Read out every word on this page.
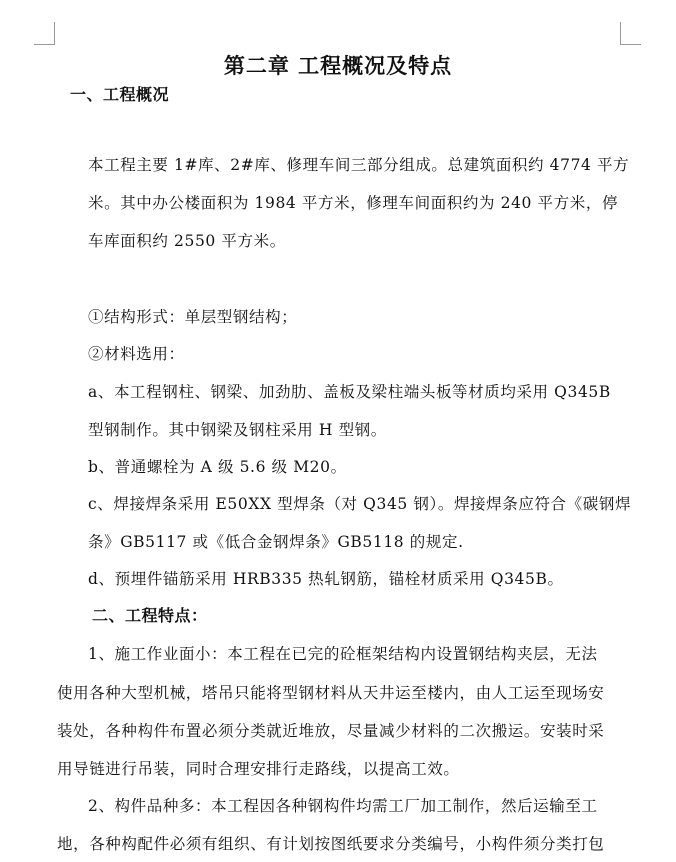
第二章 工程概况及特点
一、工程概况
本工程主要 1#库、2#库、修理车间三部分组成。总建筑面积约 4774 平方
米。其中办公楼面积为 1984 平方米，修理车间面积约为 240 平方米，停
车库面积约 2550 平方米。
①结构形式：单层型钢结构；
②材料选用：
a、本工程钢柱、钢梁、加劲肋、盖板及梁柱端头板等材质均采用 Q345B
型钢制作。其中钢梁及钢柱采用 H 型钢。
b、普通螺栓为 A 级 5.6 级 M20。
c、焊接焊条采用 E50XX 型焊条（对 Q345 钢）。焊接焊条应符合《碳钢焊
条》GB5117 或《低合金钢焊条》GB5118 的规定.
d、预埋件锚筋采用 HRB335 热轧钢筋，锚栓材质采用 Q345B。
二、工程特点：
1、施工作业面小：本工程在已完的砼框架结构内设置钢结构夹层，无法
使用各种大型机械，塔吊只能将型钢材料从天井运至楼内，由人工运至现场安
装处，各种构件布置必须分类就近堆放，尽量减少材料的二次搬运。安装时采
用导链进行吊装，同时合理安排行走路线，以提高工效。
2、构件品种多：本工程因各种钢构件均需工厂加工制作，然后运输至工
地，各种构配件必须有组织、有计划按图纸要求分类编号，小构件须分类打包
